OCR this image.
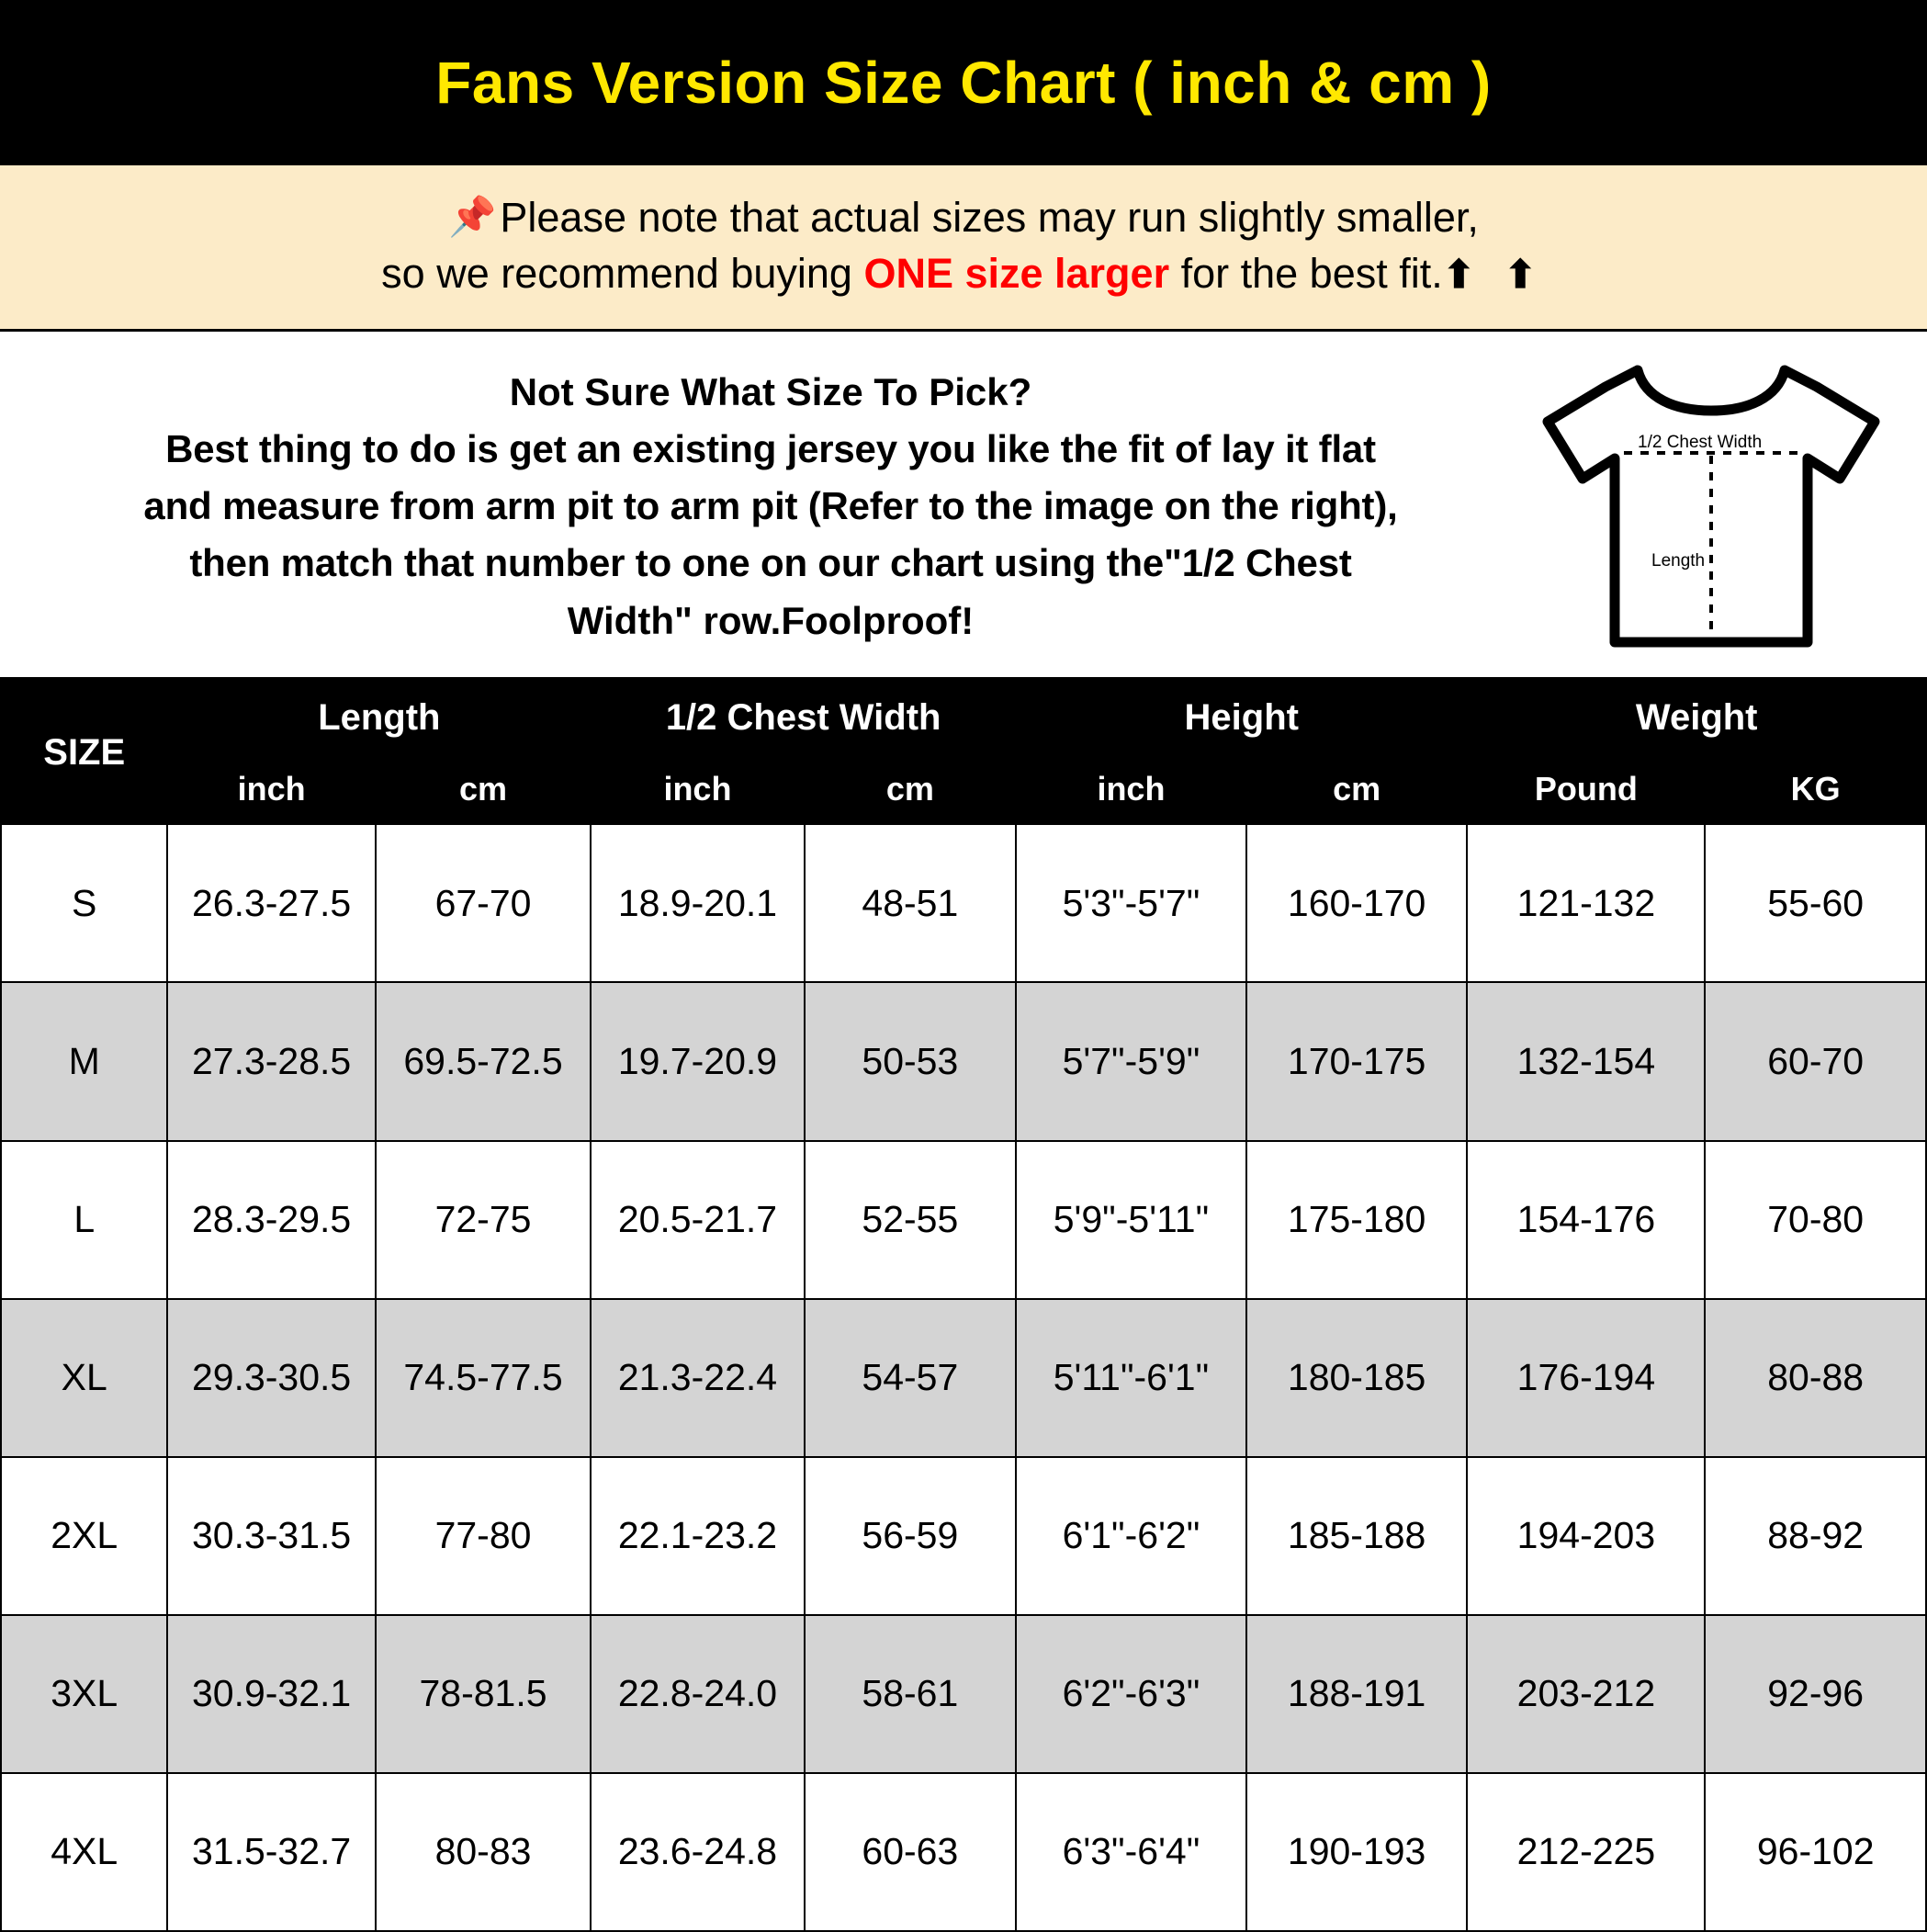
Fans Version Size Chart ( inch & cm )
📌Please note that actual sizes may run slightly smaller,
so we recommend buying ONE size larger for the best fit.⬆ ⬆
Not Sure What Size To Pick?
Best thing to do is get an existing jersey you like the fit of lay it flat
and measure from arm pit to arm pit (Refer to the image on the right),
then match that number to one on our chart using the"1/2 Chest
Width" row.Foolproof!
1/2 Chest Width
Length
SIZE	Length		1/2 Chest Width		Height		Weight	
	inch	cm	inch	cm	inch	cm	Pound	KG
S	26.3-27.5	67-70	18.9-20.1	48-51	5'3"-5'7"	160-170	121-132	55-60
M	27.3-28.5	69.5-72.5	19.7-20.9	50-53	5'7"-5'9"	170-175	132-154	60-70
L	28.3-29.5	72-75	20.5-21.7	52-55	5'9"-5'11"	175-180	154-176	70-80
XL	29.3-30.5	74.5-77.5	21.3-22.4	54-57	5'11"-6'1"	180-185	176-194	80-88
2XL	30.3-31.5	77-80	22.1-23.2	56-59	6'1"-6'2"	185-188	194-203	88-92
3XL	30.9-32.1	78-81.5	22.8-24.0	58-61	6'2"-6'3"	188-191	203-212	92-96
4XL	31.5-32.7	80-83	23.6-24.8	60-63	6'3"-6'4"	190-193	212-225	96-102
